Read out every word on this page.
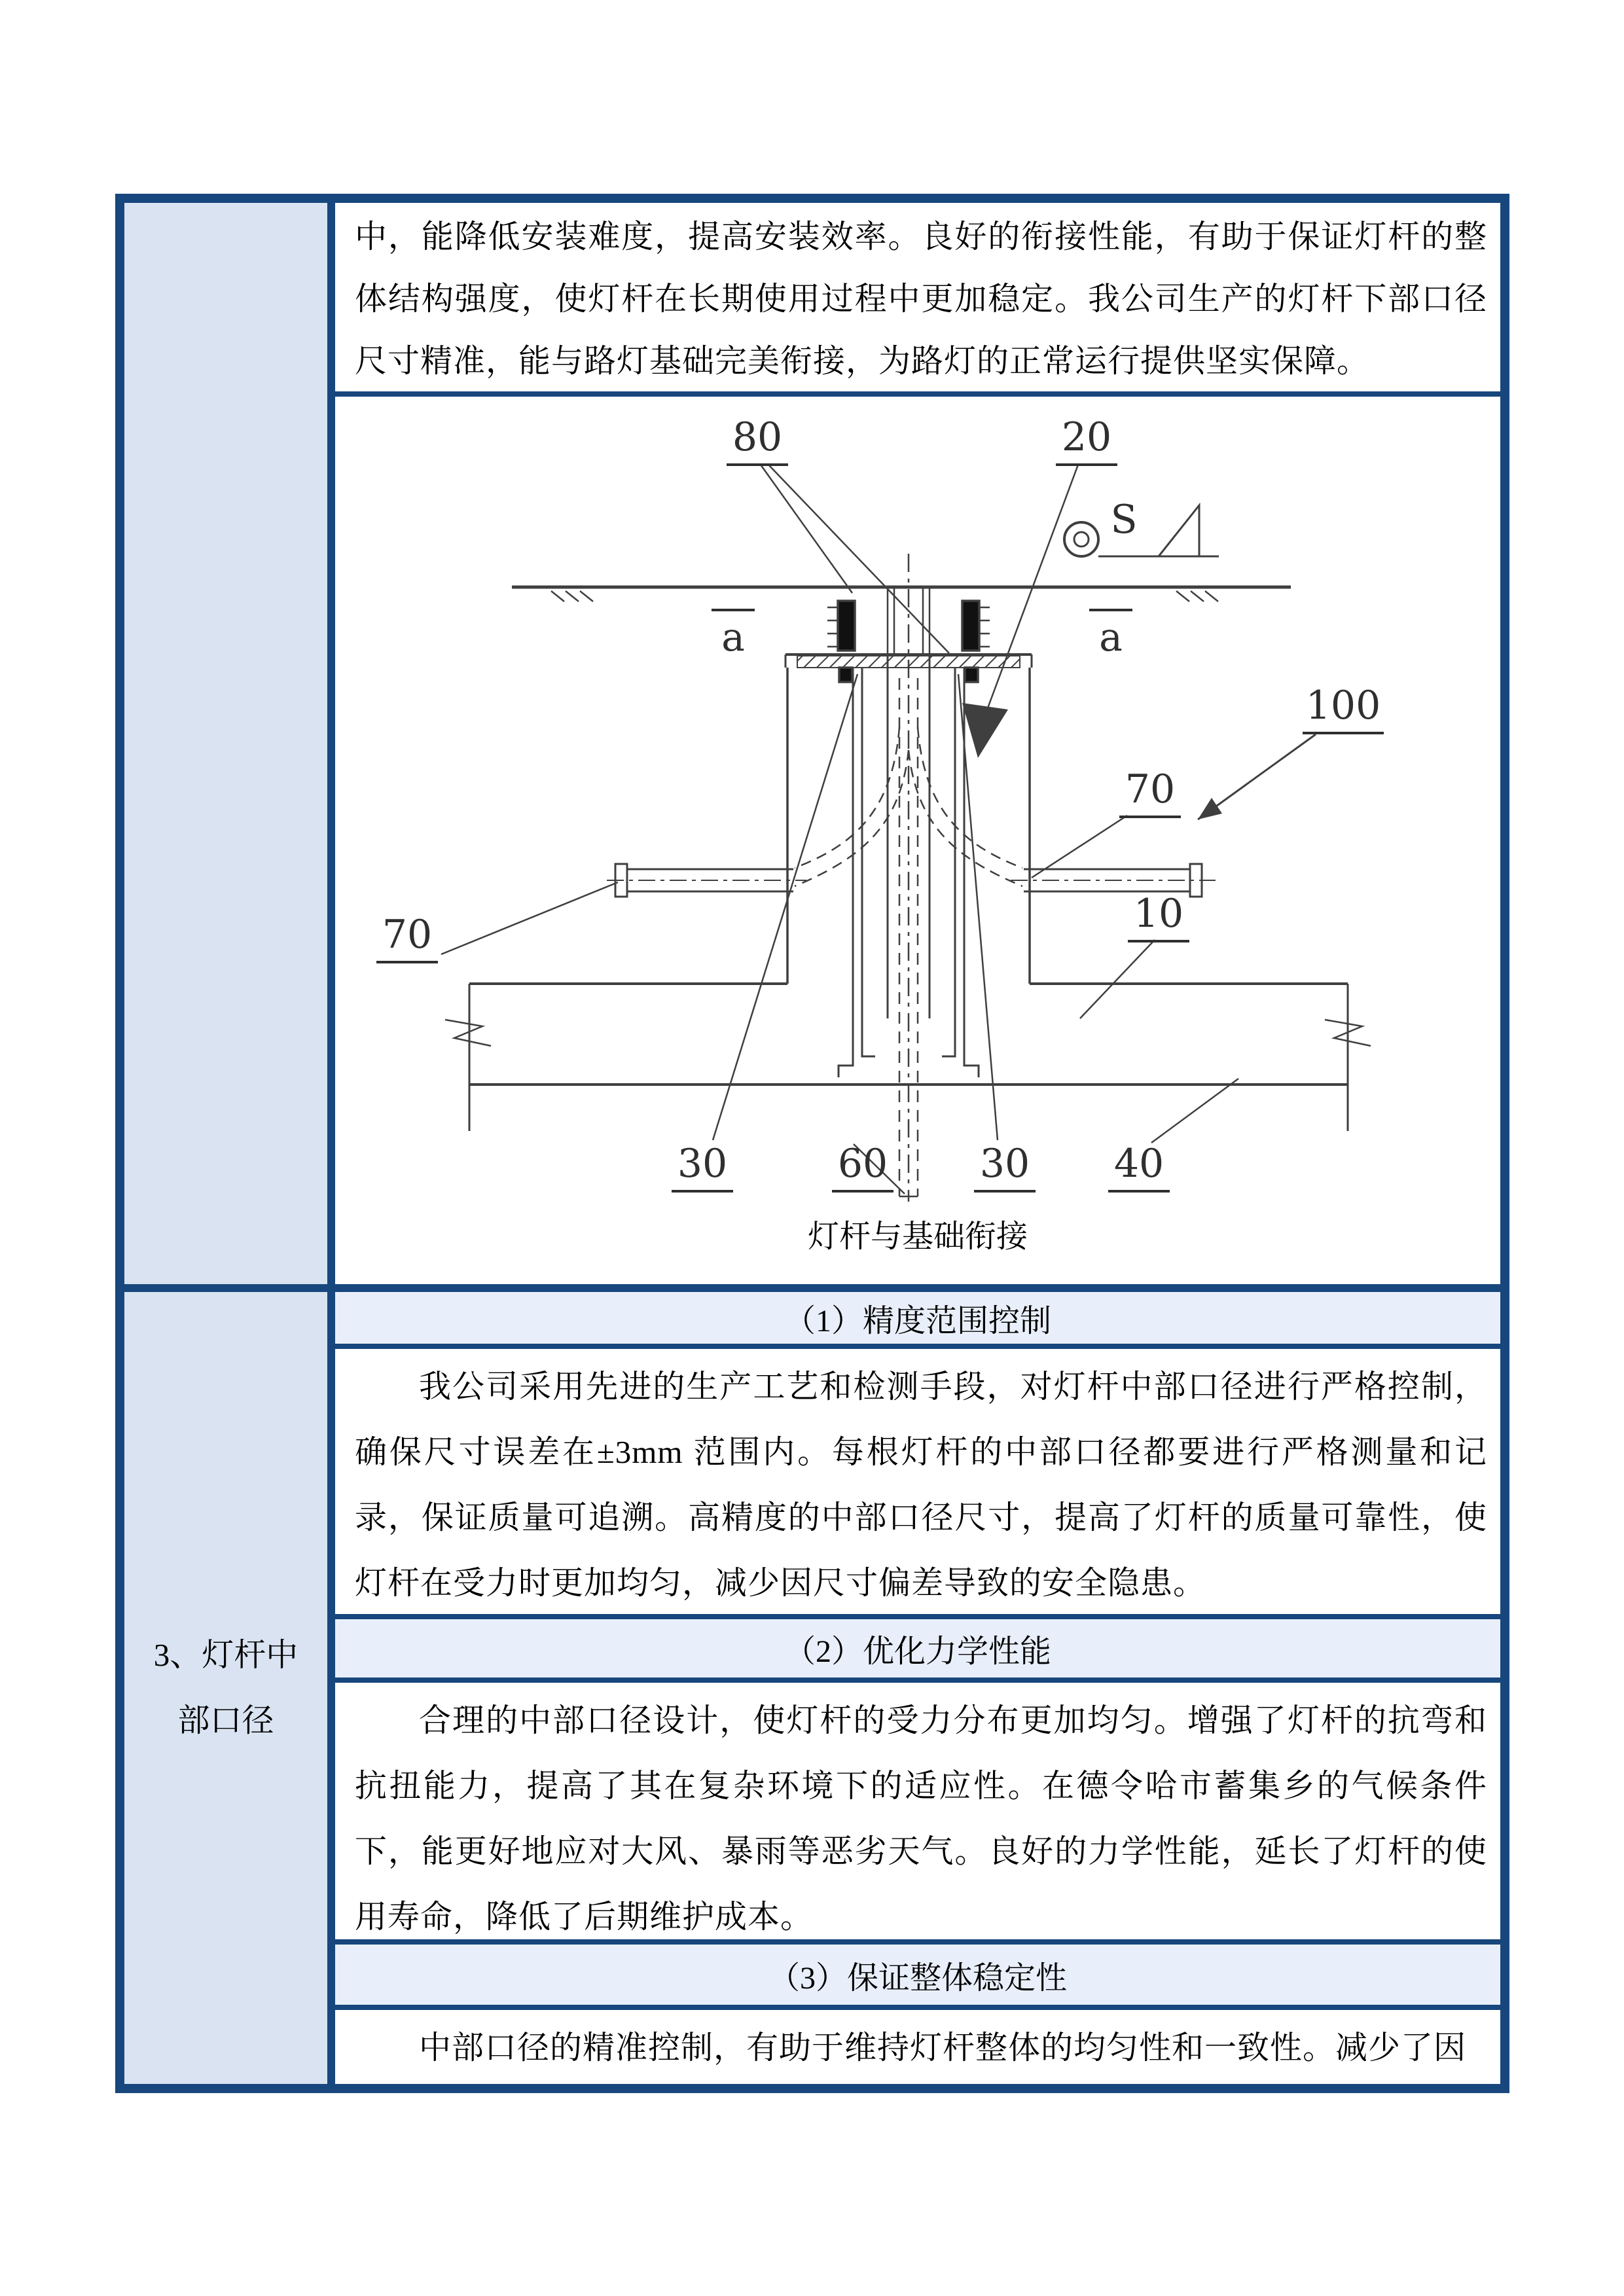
中，能降低安装难度，提高安装效率。良好的衔接性能，有助于保证灯杆的整体结构强度，使灯杆在长期使用过程中更加稳定。我公司生产的灯杆下部口径尺寸精准，能与路灯基础完美衔接，为路灯的正常运行提供坚实保障。
80	20
S
a	a
100
70
70	10
30	60 30 40
灯杆与基础衔接
3、灯杆中
部口径
（1）精度范围控制
我公司采用先进的生产工艺和检测手段，对灯杆中部口径进行严格控制，确保尺寸误差在±3mm 范围内。每根灯杆的中部口径都要进行严格测量和记录，保证质量可追溯。高精度的中部口径尺寸，提高了灯杆的质量可靠性，使灯杆在受力时更加均匀，减少因尺寸偏差导致的安全隐患。
（2）优化力学性能
合理的中部口径设计，使灯杆的受力分布更加均匀。增强了灯杆的抗弯和抗扭能力，提高了其在复杂环境下的适应性。在德令哈市蓄集乡的气候条件下，能更好地应对大风、暴雨等恶劣天气。良好的力学性能，延长了灯杆的使用寿命，降低了后期维护成本。
（3）保证整体稳定性
中部口径的精准控制，有助于维持灯杆整体的均匀性和一致性。减少了因
